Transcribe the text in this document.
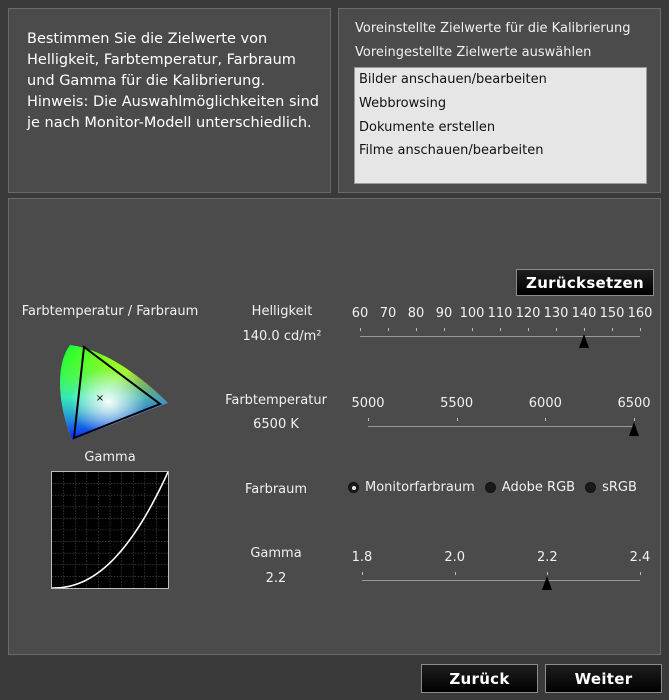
Bestimmen Sie die Zielwerte von Helligkeit, Farbtemperatur, Farbraum und Gamma für die Kalibrierung.
Hinweis: Die Auswahlmöglichkeiten sind je nach Monitor-Modell unterschiedlich.
Voreinstellte Zielwerte für die Kalibrierung
Voreingestellte Zielwerte auswählen
Bilder anschauen/bearbeiten
Webbrowsing
Dokumente erstellen
Filme anschauen/bearbeiten
Zurücksetzen
Farbtemperatur / Farbraum
×
Gamma
Helligkeit
140.0 cd/m²
60 70 80 90 100 110 120 130 140 150 160
Farbtemperatur
6500 K
5000	5500	6000	6500
Farbraum	Monitorfarbraum Adobe RGB sRGB
Gamma
2.2
1.8	2.0	2.2	2.4
Zurück	Weiter
